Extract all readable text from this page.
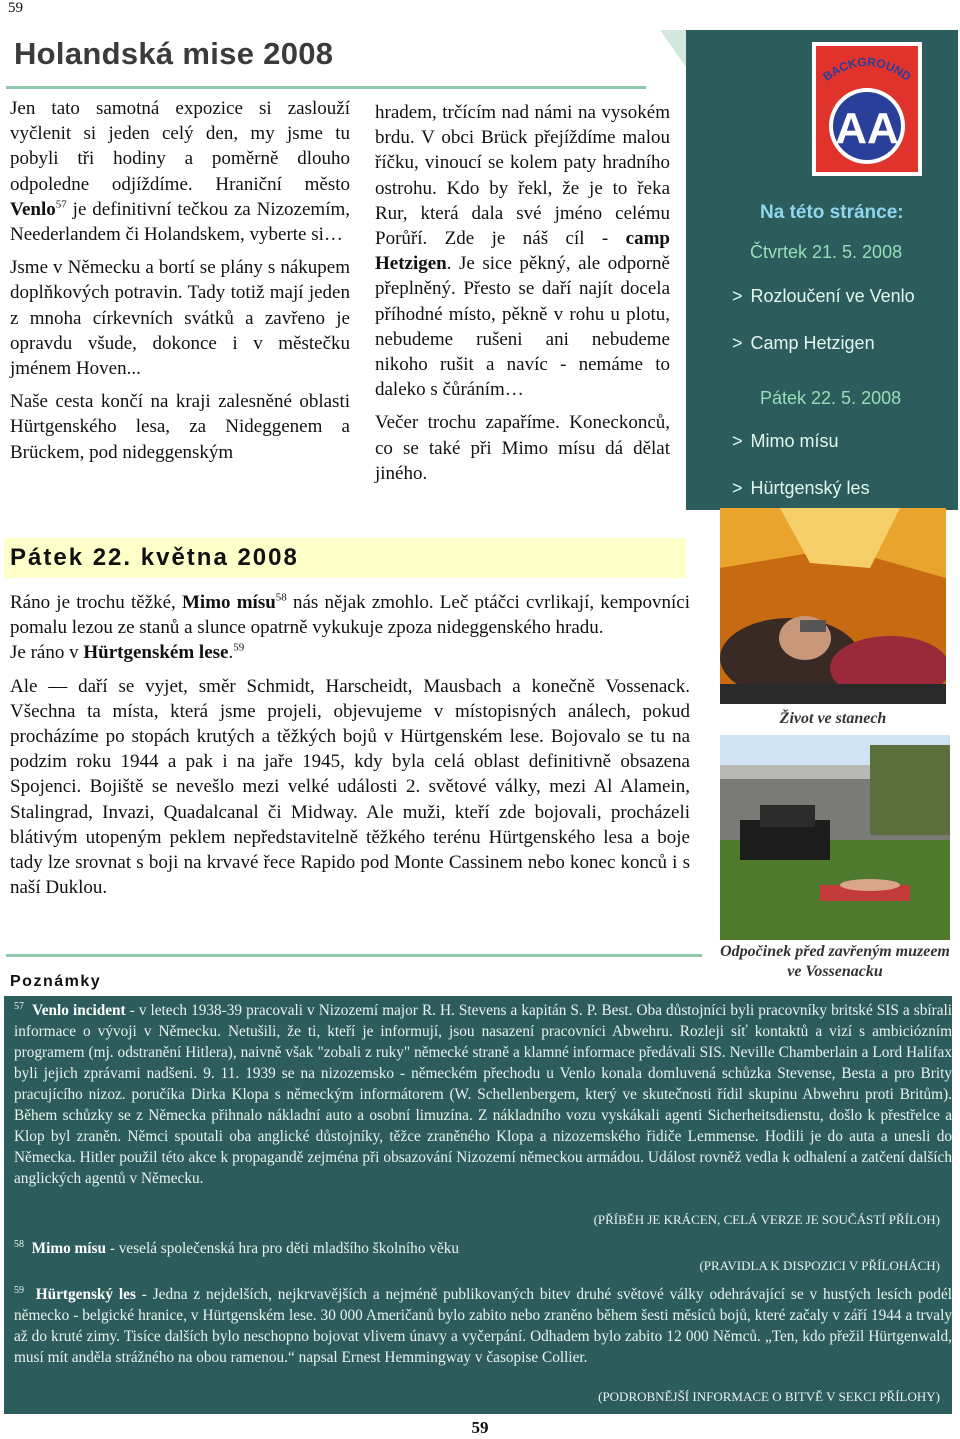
59
Holandská mise 2008

Jen tato samotná expozice si zaslouží vyčlenit si jeden celý den, my jsme tu pobyli tři hodiny a poměrně dlouho odpoledne odjíždíme. Hraniční město Venlo$^{57}$ je definitivní tečkou za Nizozemím, Neederlandem či Holandskem, vyberte si…

Jsme v Německu a bortí se plány s nákupem doplňkových potravin. Tady totiž mají jeden z mnoha církevních svátků a zavřeno je opravdu všude, dokonce i v městečku jménem Hoven...

Naše cesta končí na kraji zalesněné oblasti Hürtgenského lesa, za Nideggenem a Brückem, pod nideggenským

hradem, trčícím nad námi na vysokém brdu. V obci Brück přejíždíme malou říčku, vinoucí se kolem paty hradního ostrohu. Kdo by řekl, že je to řeka Rur, která dala své jméno celému Porůří. Zde je náš cíl - camp Hetzigen. Je sice pěkný, ale odporně přeplněný. Přesto se daří najít docela příhodné místo, pěkně v rohu u plotu, nebudeme rušeni ani nebudeme nikoho rušit a navíc - nemáme to daleko s čůráním…

Večer trochu zapaříme. Koneckonců, co se také při Mimo mísu dá dělat jiného.

BACKGROUND
AA
Na této stránce:
Čtvrtek 21. 5. 2008
> Rozloučení ve Venlo
> Camp Hetzigen
Pátek 22. 5. 2008
> Mimo mísu
> Hürtgenský les
Pátek 22. května 2008

Ráno je trochu těžké, Mimo mísu$^{58}$ nás nějak zmohlo. Leč ptáčci cvrlikají, kempovníci pomalu lezou ze stanů a slunce opatrně vykukuje zpoza nideggenského hradu.

Je ráno v Hürtgenském lese.$^{59}$

Ale — daří se vyjet, směr Schmidt, Harscheidt, Mausbach a konečně Vossenack. Všechna ta místa, která jsme projeli, objevujeme v místopisných análech, pokud procházíme po stopách krutých a těžkých bojů v Hürtgenském lese. Bojovalo se tu na podzim roku 1944 a pak i na jaře 1945, kdy byla celá oblast definitivně obsazena Spojenci. Bojiště se nevešlo mezi velké události 2. světové války, mezi Al Alamein, Stalingrad, Invazi, Quadalcanal či Midway. Ale muži, kteří zde bojovali, procházeli blátivým utopeným peklem nepředstavitelně těžkého terénu Hürtgenského lesa a boje tady lze srovnat s boji na krvavé řece Rapido pod Monte Cassinem nebo konec konců i s naší Duklou.

Život ve stanech
Odpočinek před zavřeným muzeem ve Vossenacku
Poznámky
$^{57}$ Venlo incident - v letech 1938-39 pracovali v Nizozemí major R. H. Stevens a kapitán S. P. Best. Oba důstojníci byli pracovníky britské SIS a sbírali informace o vývoji v Německu. Netušili, že ti, kteří je informují, jsou nasazení pracovníci Abwehru. Rozleji síť kontaktů a vizí s ambiciózním programem (mj. odstranění Hitlera), naivně však "zobali z ruky" německé straně a klamné informace předávali SIS. Neville Chamberlain a Lord Halifax byli jejich zprávami nadšeni. 9. 11. 1939 se na nizozemsko - německém přechodu u Venlo konala domluvená schůzka Stevense, Besta a pro Brity pracujícího nizoz. poručíka Dirka Klopa s německým informátorem (W. Schellenbergem, který ve skutečnosti řídil skupinu Abwehru proti Britům). Během schůzky se z Německa přihnalo nákladní auto a osobní limuzína. Z nákladního vozu vyskákali agenti Sicherheitsdienstu, došlo k přestřelce a Klop byl zraněn. Němci spoutali oba anglické důstojníky, těžce zraněného Klopa a nizozemského řidiče Lemmense. Hodili je do auta a unesli do Německa. Hitler použil této akce k propagandě zejména při obsazování Nizozemí německou armádou. Událost rovněž vedla k odhalení a zatčení dalších anglických agentů v Německu.
(PŘÍBĚH JE KRÁCEN, CELÁ VERZE JE SOUČÁSTÍ PŘÍLOH)
$^{58}$ Mimo mísu - veselá společenská hra pro děti mladšího školního věku
(PRAVIDLA K DISPOZICI V PŘÍLOHÁCH)
$^{59}$ Hürtgenský les - Jedna z nejdelších, nejkrvavějších a nejméně publikovaných bitev druhé světové války odehrávající se v hustých lesích podél německo - belgické hranice, v Hürtgenském lese. 30 000 Američanů bylo zabito nebo zraněno během šesti měsíců bojů, které začaly v září 1944 a trvaly až do kruté zimy. Tisíce dalších bylo neschopno bojovat vlivem únavy a vyčerpání. Odhadem bylo zabito 12 000 Němců. „Ten, kdo přežil Hürtgenwald, musí mít anděla strážného na obou ramenou.“ napsal Ernest Hemmingway v časopise Collier.
(PODROBNĚJŠÍ INFORMACE O BITVĚ V SEKCI PŘÍLOHY)
59
